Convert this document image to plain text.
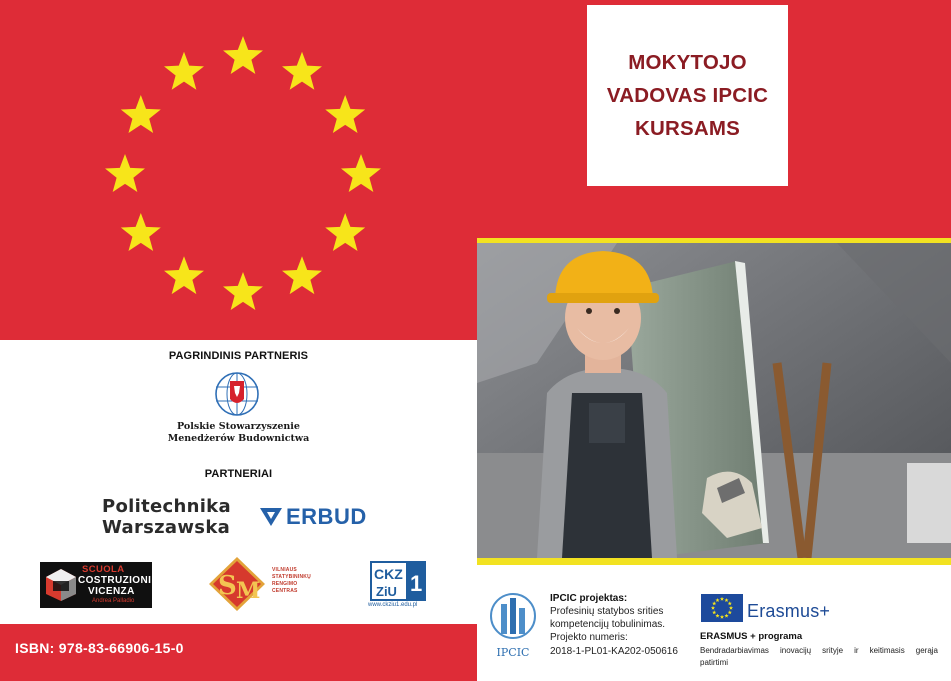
PAGRINDINIS PARTNERIS
Polskie Stowarzyszenie
Menedżerów Budownictwa
PARTNERIAI
Politechnika
Warszawska	ERBUD
SCUOLA
COSTRUZIONI
VICENZA
Andrea Palladio	S M
VILNIAUS
STATYBININKŲ
RENGIMO
CENTRAS
CKZ
ZiU 1
www.ckziu1.edu.pl
ISBN: 978-83-66906-15-0
MOKYTOJO
VADOVAS IPCIC
KURSAMS
IPCIC
IPCIC projektas:
Profesinių statybos srities
kompetencijų tobulinimas.
Projekto numeris:
2018-1-PL01-KA202-050616
Erasmus+
ERASMUS + programa
Bendradarbiavimas inovacijų srityje ir keitimasis gerąja
patirtimi
